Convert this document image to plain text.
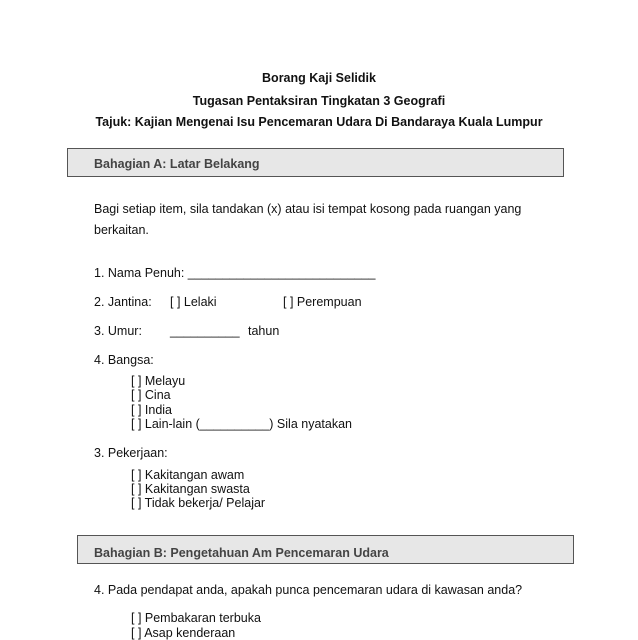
Borang Kaji Selidik
Tugasan Pentaksiran Tingkatan 3 Geografi
Tajuk: Kajian Mengenai Isu Pencemaran Udara Di Bandaraya Kuala Lumpur
Bahagian A: Latar Belakang
Bagi setiap item, sila tandakan (x) atau isi tempat kosong pada ruangan yang
berkaitan.
1. Nama Penuh: ___________________________
2. Jantina: [ ] Lelaki	[ ] Perempuan
3. Umur: __________ tahun
4. Bangsa:
[ ] Melayu
[ ] Cina
[ ] India
[ ] Lain-lain (__________) Sila nyatakan
3. Pekerjaan:
[ ] Kakitangan awam
[ ] Kakitangan swasta
[ ] Tidak bekerja/ Pelajar
Bahagian B: Pengetahuan Am Pencemaran Udara
4. Pada pendapat anda, apakah punca pencemaran udara di kawasan anda?
[ ] Pembakaran terbuka
[ ] Asap kenderaan
